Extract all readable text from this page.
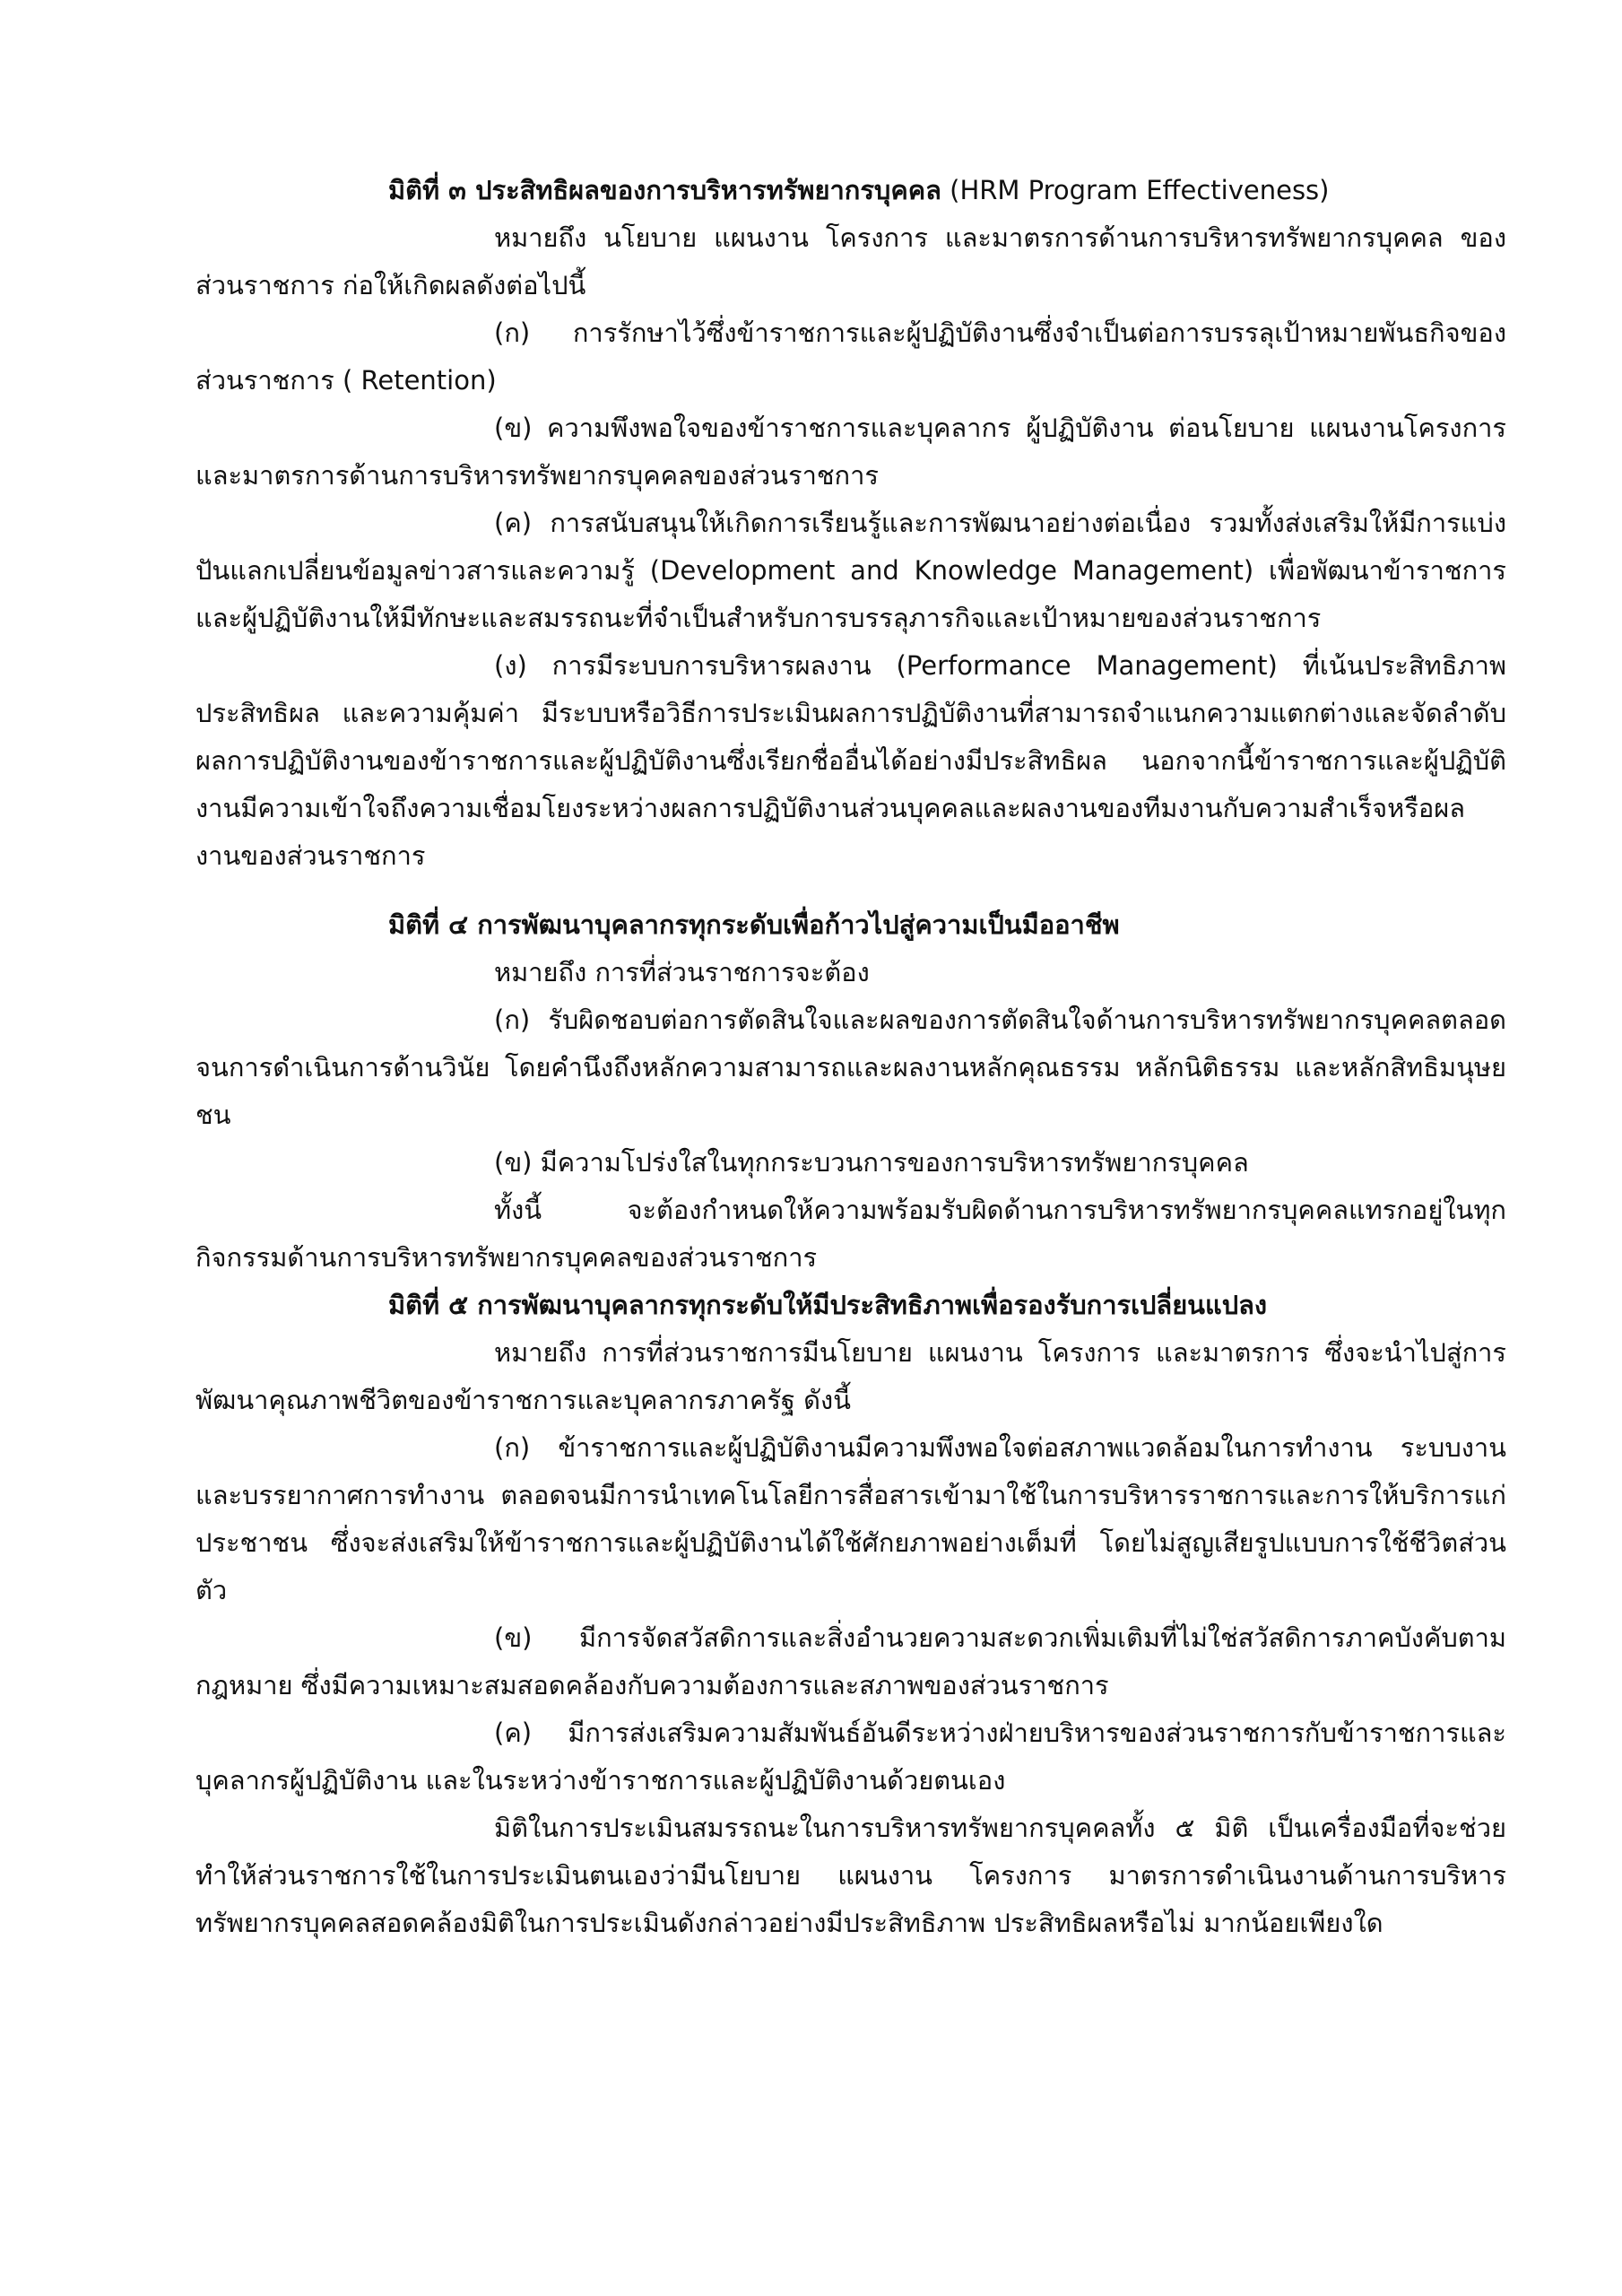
มิติที่ ๓ ประสิทธิผลของการบริหารทรัพยากรบุคคล (HRM Program Effectiveness)

หมายถึง นโยบาย แผนงาน โครงการ และมาตรการด้านการบริหารทรัพยากรบุคคล ของส่วนราชการ ก่อให้เกิดผลดังต่อไปนี้

(ก) การรักษาไว้ซึ่งข้าราชการและผู้ปฏิบัติงานซึ่งจำเป็นต่อการบรรลุเป้าหมายพันธกิจของส่วนราชการ ( Retention)

(ข) ความพึงพอใจของข้าราชการและบุคลากร ผู้ปฏิบัติงาน ต่อนโยบาย แผนงานโครงการและมาตรการด้านการบริหารทรัพยากรบุคคลของส่วนราชการ

(ค) การสนับสนุนให้เกิดการเรียนรู้และการพัฒนาอย่างต่อเนื่อง รวมทั้งส่งเสริมให้มีการแบ่งปันแลกเปลี่ยนข้อมูลข่าวสารและความรู้ (Development and Knowledge Management) เพื่อพัฒนาข้าราชการและผู้ปฏิบัติงานให้มีทักษะและสมรรถนะที่จำเป็นสำหรับการบรรลุภารกิจและเป้าหมายของส่วนราชการ

(ง) การมีระบบการบริหารผลงาน (Performance Management) ที่เน้นประสิทธิภาพ ประสิทธิผล และความคุ้มค่า มีระบบหรือวิธีการประเมินผลการปฏิบัติงานที่สามารถจำแนกความแตกต่างและจัดลำดับผลการปฏิบัติงานของข้าราชการและผู้ปฏิบัติงานซึ่งเรียกชื่ออื่นได้อย่างมีประสิทธิผล นอกจากนี้ข้าราชการและผู้ปฏิบัติงานมีความเข้าใจถึงความเชื่อมโยงระหว่างผลการปฏิบัติงานส่วนบุคคลและผลงานของทีมงานกับความสำเร็จหรือผลงานของส่วนราชการ

มิติที่ ๔ การพัฒนาบุคลากรทุกระดับเพื่อก้าวไปสู่ความเป็นมืออาชีพ

หมายถึง การที่ส่วนราชการจะต้อง

(ก) รับผิดชอบต่อการตัดสินใจและผลของการตัดสินใจด้านการบริหารทรัพยากรบุคคลตลอดจนการดำเนินการด้านวินัย โดยคำนึงถึงหลักความสามารถและผลงานหลักคุณธรรม หลักนิติธรรม และหลักสิทธิมนุษยชน

(ข) มีความโปร่งใสในทุกกระบวนการของการบริหารทรัพยากรบุคคล

ทั้งนี้ จะต้องกำหนดให้ความพร้อมรับผิดด้านการบริหารทรัพยากรบุคคลแทรกอยู่ในทุกกิจกรรมด้านการบริหารทรัพยากรบุคคลของส่วนราชการ

มิติที่ ๕ การพัฒนาบุคลากรทุกระดับให้มีประสิทธิภาพเพื่อรองรับการเปลี่ยนแปลง

หมายถึง การที่ส่วนราชการมีนโยบาย แผนงาน โครงการ และมาตรการ ซึ่งจะนำไปสู่การพัฒนาคุณภาพชีวิตของข้าราชการและบุคลากรภาครัฐ ดังนี้

(ก) ข้าราชการและผู้ปฏิบัติงานมีความพึงพอใจต่อสภาพแวดล้อมในการทำงาน ระบบงานและบรรยากาศการทำงาน ตลอดจนมีการนำเทคโนโลยีการสื่อสารเข้ามาใช้ในการบริหารราชการและการให้บริการแก่ประชาชน ซึ่งจะส่งเสริมให้ข้าราชการและผู้ปฏิบัติงานได้ใช้ศักยภาพอย่างเต็มที่ โดยไม่สูญเสียรูปแบบการใช้ชีวิตส่วนตัว

(ข) มีการจัดสวัสดิการและสิ่งอำนวยความสะดวกเพิ่มเติมที่ไม่ใช่สวัสดิการภาคบังคับตามกฎหมาย ซึ่งมีความเหมาะสมสอดคล้องกับความต้องการและสภาพของส่วนราชการ

(ค) มีการส่งเสริมความสัมพันธ์อันดีระหว่างฝ่ายบริหารของส่วนราชการกับข้าราชการและบุคลากรผู้ปฏิบัติงาน และในระหว่างข้าราชการและผู้ปฏิบัติงานด้วยตนเอง

มิติในการประเมินสมรรถนะในการบริหารทรัพยากรบุคคลทั้ง ๕ มิติ เป็นเครื่องมือที่จะช่วยทำให้ส่วนราชการใช้ในการประเมินตนเองว่ามีนโยบาย แผนงาน โครงการ มาตรการดำเนินงานด้านการบริหารทรัพยากรบุคคลสอดคล้องมิติในการประเมินดังกล่าวอย่างมีประสิทธิภาพ ประสิทธิผลหรือไม่ มากน้อยเพียงใด
